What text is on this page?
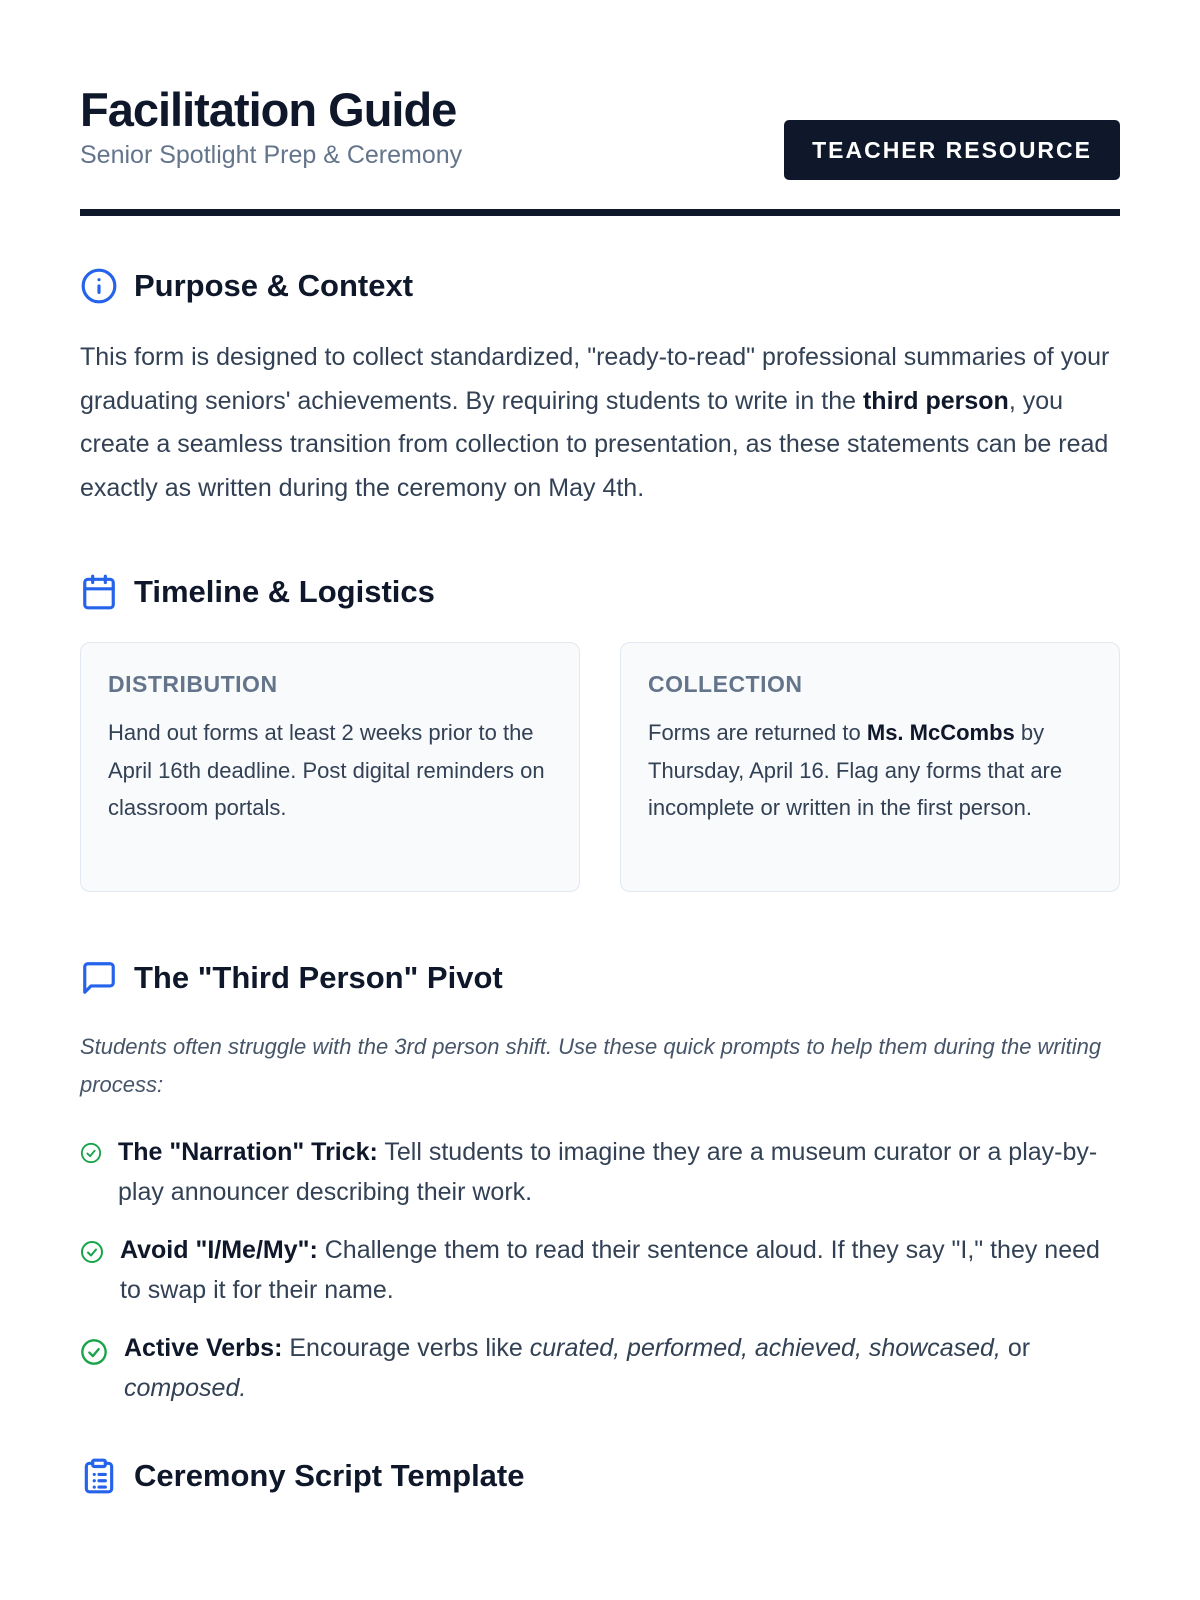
Facilitation Guide
Senior Spotlight Prep & Ceremony	TEACHER RESOURCE
Purpose & Context

This form is designed to collect standardized, "ready-to-read" professional summaries of your graduating seniors' achievements. By requiring students to write in the third person, you create a seamless transition from collection to presentation, as these statements can be read exactly as written during the ceremony on May 4th.

Timeline & Logistics
DISTRIBUTION

Hand out forms at least 2 weeks prior to the April 16th deadline. Post digital reminders on classroom portals.

COLLECTION

Forms are returned to Ms. McCombs by Thursday, April 16. Flag any forms that are incomplete or written in the first person.

The "Third Person" Pivot

Students often struggle with the 3rd person shift. Use these quick prompts to help them during the writing process:

The "Narration" Trick: Tell students to imagine they are a museum curator or a play-by-play announcer describing their work.
Avoid "I/Me/My": Challenge them to read their sentence aloud. If they say "I," they need to swap it for their name.
Active Verbs: Encourage verbs like curated, performed, achieved, showcased, or composed.
Ceremony Script Template
